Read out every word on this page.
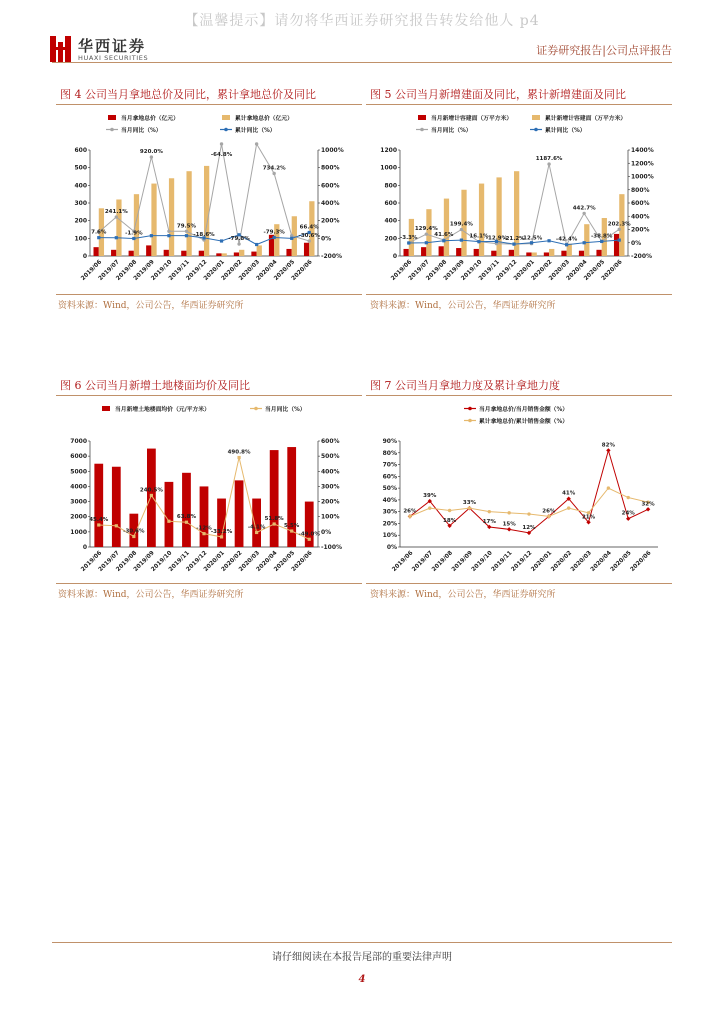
【温馨提示】请勿将华西证券研究报告转发给他人 p4
华西证券
HUAXI SECURITIES
证券研究报告|公司点评报告
图 4 公司当月拿地总价及同比，累计拿地总价及同比
当月拿地总价（亿元）	累计拿地总价（亿元）
当月同比（%）	累计同比（%）
0
100
200
300
400
500
600
-200%
0%
200%
400%
600%
800%
1000%
241.1%
920.0%
7.6%	-1.9%
79.5%
-18.6%
-64.8%
-79.8%
734.2%
-79.3%
66.4%
-30.6%
2019/06
2019/07
2019/08
2019/09
2019/10
2019/11
2019/12
2020/01
2020/02
2020/03
2020/04
2020/05
2020/06
资料来源：Wind，公司公告，华西证券研究所
图 5 公司当月新增建面及同比，累计新增建面及同比
当月新增计容建面（万平方米）	累计新增计容建面（万平方米）
当月同比（%）	累计同比（%）
0
200
400
600
800
1000
1200
-200%
0%
200%
400%
600%
800%
1000%
1200%
1400%
-3.3%
129.4%
41.6%
199.4%
16.1%
-12.9%
-21.2%
-12.5%
1187.6%
-42.4%
442.7%
-38.8%
202.3%
2019/06
2019/07
2019/08
2019/09
2019/10
2019/11
2019/12
2020/01
2020/02
2020/03
2020/04
2020/05
2020/06
资料来源：Wind，公司公告，华西证券研究所
图 6 公司当月新增土地楼面均价及同比
当月新增土地楼面均价（元/平方米）	当月同比（%）
0
1000
2000
3000
4000
5000
6000
7000
-100%
0%
100%
200%
300%
400%
500%
600%
45.4%
-30.6%
240.5%
63.8%
-12%
-33.2%
490.8%
-4.1%
51.8%
5.5%
-49.0%
2019/06
2019/07
2019/08
2019/09
2019/10
2019/11
2019/12
2020/01
2020/02
2020/03
2020/04
2020/05
2020/06
资料来源：Wind，公司公告，华西证券研究所
图 7 公司当月拿地力度及累计拿地力度
当月拿地总价/当月销售金额（%）
累计拿地总价/累计销售金额（%）
0%
10%
20%
30%
40%
50%
60%
70%
80%
90%
26%
39%
18%
33%
17% 15%
12%
26%
41%
21%
82%
24%
32%
2019/06
2019/07
2019/08
2019/09
2019/10
2019/11
2019/12
2020/01
2020/02
2020/03
2020/04
2020/05
2020/06
资料来源：Wind，公司公告，华西证券研究所
请仔细阅读在本报告尾部的重要法律声明
4
